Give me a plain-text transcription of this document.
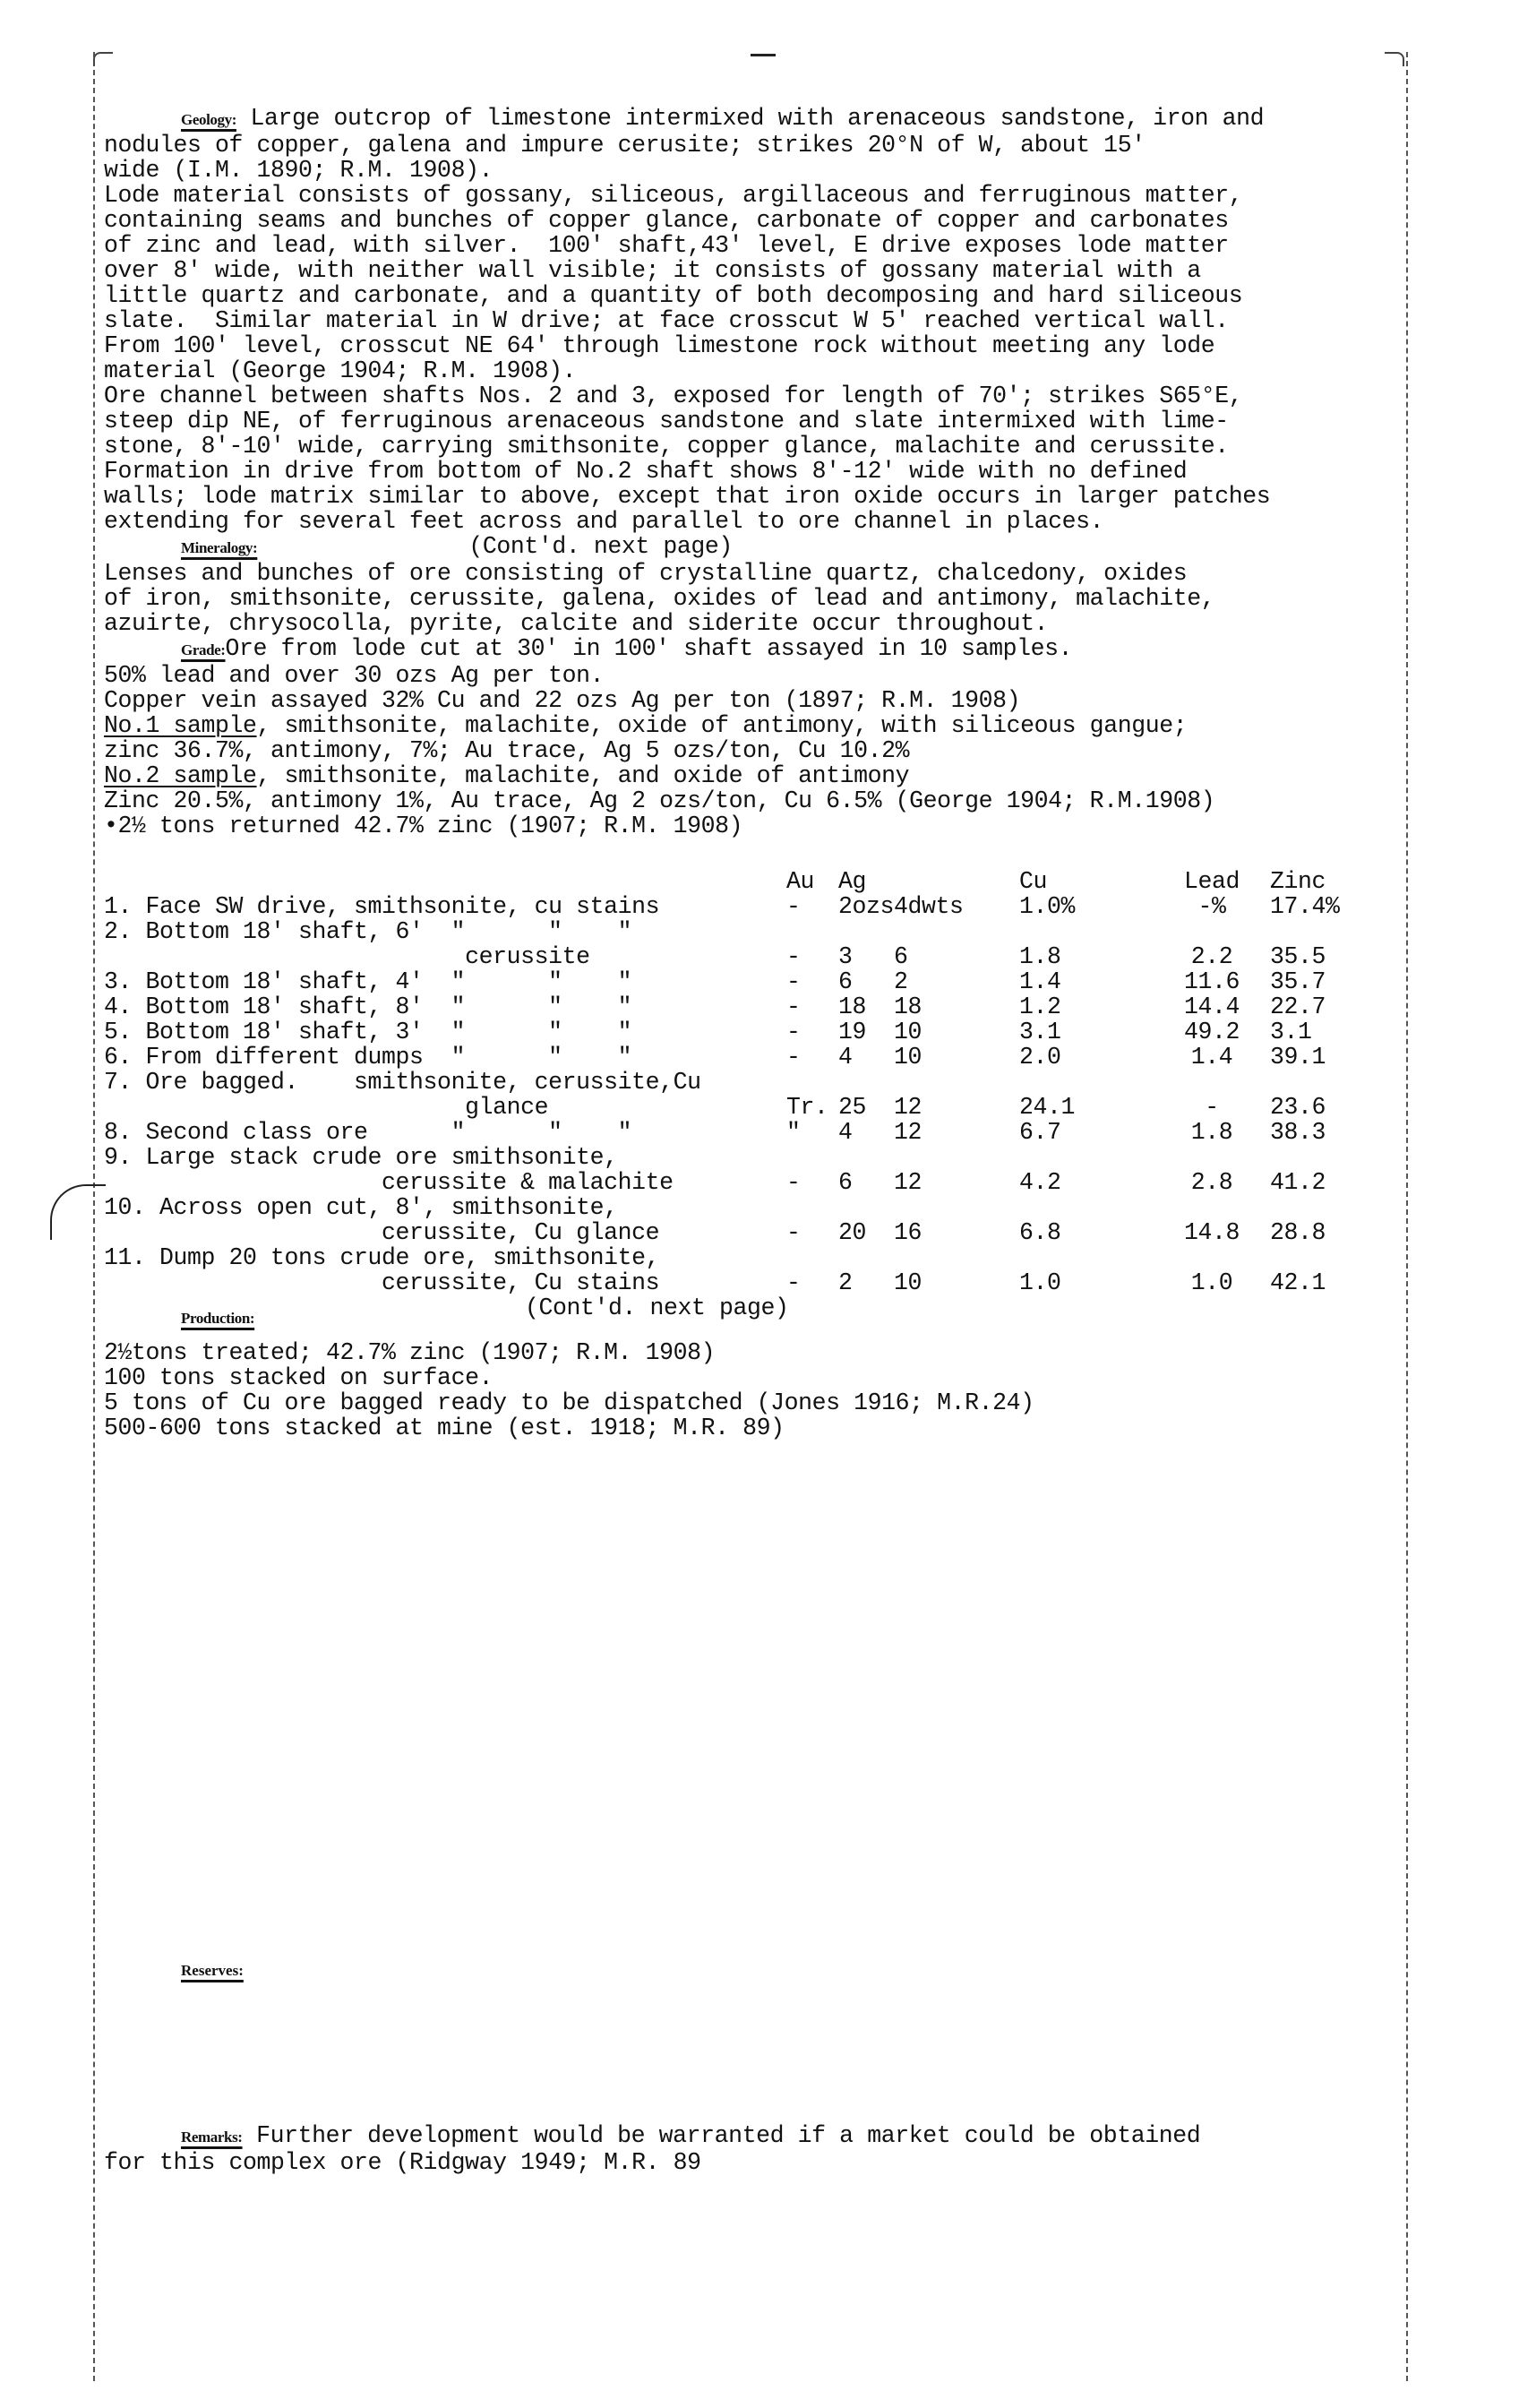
Geology: Large outcrop of limestone intermixed with arenaceous sandstone, iron and
nodules of copper, galena and impure cerusite; strikes 20°N of W, about 15'
wide (I.M. 1890; R.M. 1908).
Lode material consists of gossany, siliceous, argillaceous and ferruginous matter,
containing seams and bunches of copper glance, carbonate of copper and carbonates
of zinc and lead, with silver.  100' shaft,43' level, E drive exposes lode matter
over 8' wide, with neither wall visible; it consists of gossany material with a
little quartz and carbonate, and a quantity of both decomposing and hard siliceous
slate.  Similar material in W drive; at face crosscut W 5' reached vertical wall.
From 100' level, crosscut NE 64' through limestone rock without meeting any lode
material (George 1904; R.M. 1908).
Ore channel between shafts Nos. 2 and 3, exposed for length of 70'; strikes S65°E,
steep dip NE, of ferruginous arenaceous sandstone and slate intermixed with lime-
stone, 8'-10' wide, carrying smithsonite, copper glance, malachite and cerussite.
Formation in drive from bottom of No.2 shaft shows 8'-12' wide with no defined
walls; lode matrix similar to above, except that iron oxide occurs in larger patches
extending for several feet across and parallel to ore channel in places.
Mineralogy:	(Cont'd. next page)
Lenses and bunches of ore consisting of crystalline quartz, chalcedony, oxides
of iron, smithsonite, cerussite, galena, oxides of lead and antimony, malachite,
azuirte, chrysocolla, pyrite, calcite and siderite occur throughout.
Grade:Ore from lode cut at 30' in 100' shaft assayed in 10 samples.
50% lead and over 30 ozs Ag per ton.
Copper vein assayed 32% Cu and 22 ozs Ag per ton (1897; R.M. 1908)
No.1 sample, smithsonite, malachite, oxide of antimony, with siliceous gangue;
zinc 36.7%, antimony, 7%; Au trace, Ag 5 ozs/ton, Cu 10.2%
No.2 sample, smithsonite, malachite, and oxide of antimony
Zinc 20.5%, antimony 1%, Au trace, Ag 2 ozs/ton, Cu 6.5% (George 1904; R.M.1908)
•2½ tons returned 42.7% zinc (1907; R.M. 1908)
	Au	Ag		Cu	Lead	Zinc
1. Face SW drive, smithsonite, cu stains	-	2ozs	4dwts	1.0%	-%	17.4%
2. Bottom 18' shaft, 6'  "      "    "						
cerussite	-	3	6	1.8	2.2	35.5
3. Bottom 18' shaft, 4'  "      "    "	-	6	2	1.4	11.6	35.7
4. Bottom 18' shaft, 8'  "      "    "	-	18	18	1.2	14.4	22.7
5. Bottom 18' shaft, 3'  "      "    "	-	19	10	3.1	49.2	3.1
6. From different dumps  "      "    "	-	4	10	2.0	1.4	39.1
7. Ore bagged.    smithsonite, cerussite,Cu						
glance	Tr.	25	12	24.1	-	23.6
8. Second class ore      "      "    "	"	4	12	6.7	1.8	38.3
9. Large stack crude ore smithsonite,						
cerussite & malachite	-	6	12	4.2	2.8	41.2
10. Across open cut, 8', smithsonite,						
cerussite, Cu glance	-	20	16	6.8	14.8	28.8
11. Dump 20 tons crude ore, smithsonite,						
cerussite, Cu stains	-	2	10	1.0	1.0	42.1
(Cont'd. next page)
Production:
2½tons treated; 42.7% zinc (1907; R.M. 1908)
100 tons stacked on surface.
5 tons of Cu ore bagged ready to be dispatched (Jones 1916; M.R.24)
500-600 tons stacked at mine (est. 1918; M.R. 89)
Reserves:
Remarks: Further development would be warranted if a market could be obtained
for this complex ore (Ridgway 1949; M.R. 89
